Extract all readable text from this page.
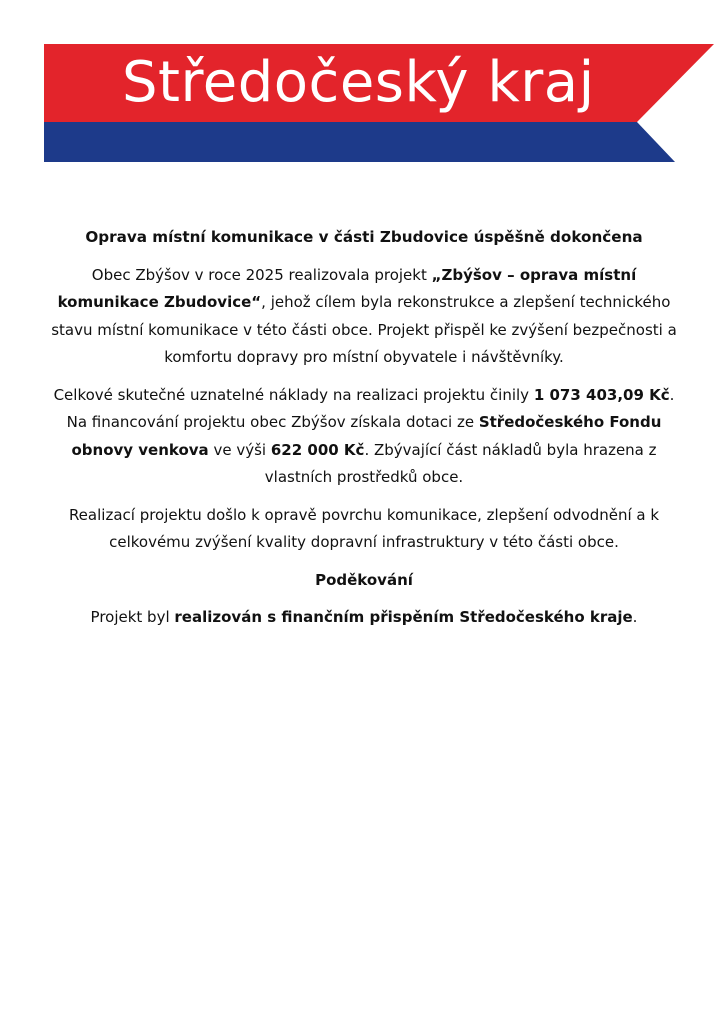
Středočeský kraj

Oprava místní komunikace v části Zbudovice úspěšně dokončena

Obec Zbýšov v roce 2025 realizovala projekt „Zbýšov – oprava místní komunikace Zbudovice“, jehož cílem byla rekonstrukce a zlepšení technického stavu místní komunikace v této části obce. Projekt přispěl ke zvýšení bezpečnosti a komfortu dopravy pro místní obyvatele i návštěvníky.

Celkové skutečné uznatelné náklady na realizaci projektu činily 1 073 403,09 Kč. Na financování projektu obec Zbýšov získala dotaci ze Středočeského Fondu obnovy venkova ve výši 622 000 Kč. Zbývající část nákladů byla hrazena z vlastních prostředků obce.

Realizací projektu došlo k opravě povrchu komunikace, zlepšení odvodnění a k celkovému zvýšení kvality dopravní infrastruktury v této části obce.

Poděkování

Projekt byl realizován s finančním přispěním Středočeského kraje.
